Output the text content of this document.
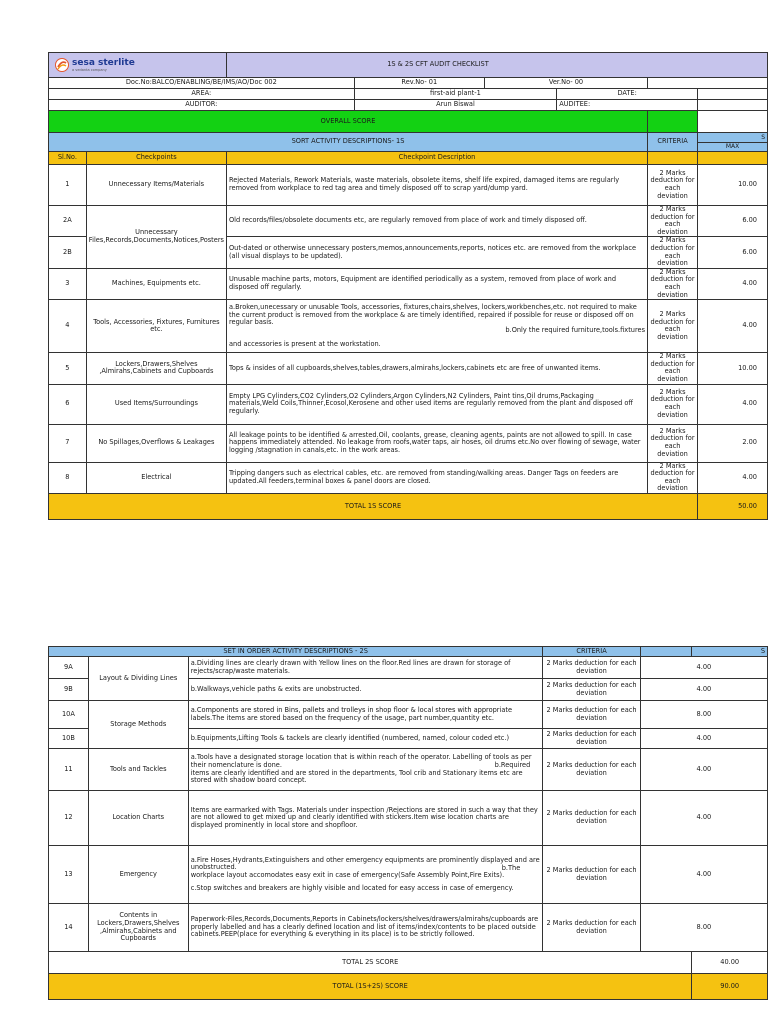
sesa sterlite
a vedanta company		1S & 2S CFT AUDIT CHECKLIST					
Doc.No:BALCO/ENABLING/BE/IMS/AO/Doc 002			Rev.No- 01	Ver.No- 00			
AREA:			first-aid plant-1		DATE:		
AUDITOR:			Arun Biswal		AUDITEE:		
OVERALL SCORE							
SORT ACTIVITY DESCRIPTIONS- 1S						CRITERIA	S
MAX

Sl.No.	Checkpoints	Checkpoint Description					
1	Unnecessary Items/Materials	Rejected Materials, Rework Materials, waste materials, obsolete items, shelf life expired, damaged items are regularly removed from workplace to red tag area and timely disposed off to scrap yard/dump yard.				2 Marks deduction for each deviation	10.00
2A	Unnecessary Files,Records,Documents,Notices,Posters	Old records/files/obsolete documents etc, are regularly removed from place of work and timely disposed off.				2 Marks deduction for each deviation	6.00
2B		Out-dated or otherwise unnecessary posters,memos,announcements,reports, notices etc. are removed from the workplace (all visual displays to be updated).				2 Marks deduction for each deviation	6.00
3	Machines, Equipments etc.	Unusable machine parts, motors, Equipment are identified periodically as a system, removed from place of work and disposed off regularly.				2 Marks deduction for each deviation	4.00
4	Tools, Accessories, Fixtures, Furnitures etc.	a.Broken,unecessary or unusable Tools, accessories, fixtures,chairs,shelves, lockers,workbenches,etc. not required to make the current product is removed from the workplace & are timely identified, repaired if possible for reuse or disposed off on regular basis.
b.Only the required furniture,tools.fixtures
and accessories is present at the workstation.				2 Marks deduction for each deviation	4.00
5	Lockers,Drawers,Shelves ,Almirahs,Cabinets and Cupboards	Tops & insides of all cupboards,shelves,tables,drawers,almirahs,lockers,cabinets etc are free of unwanted items.				2 Marks deduction for each deviation	10.00
6	Used Items/Surroundings	Empty LPG Cylinders,CO2 Cylinders,O2 Cylinders,Argon Cylinders,N2 Cylinders, Paint tins,Oil drums,Packaging materials,Weld Coils,Thinner,Ecosol,Kerosene and other used items are regularly removed from the plant and disposed off regularly.				2 Marks deduction for each deviation	4.00
7	No Spillages,Overflows & Leakages	All leakage points to be identified & arrested.Oil, coolants, grease, cleaning agents, paints are not allowed to spill. In case happens immediately attended. No leakage from roofs,water taps, air hoses, oil drums etc.No over flowing of sewage, water logging /stagnation in canals,etc. in the work areas.				2 Marks deduction for each deviation	2.00
8	Electrical	Tripping dangers such as electrical cables, etc. are removed from standing/walking areas. Danger Tags on feeders are updated.All feeders,terminal boxes & panel doors are closed.				2 Marks deduction for each deviation	4.00
TOTAL 1S SCORE							50.00
SET IN ORDER ACTIVITY DESCRIPTIONS - 2S			CRITERIA		S
9A	Layout & Dividing Lines	a.Dividing lines are clearly drawn with Yellow lines on the floor.Red lines are drawn for storage of rejects/scrap/waste materials.	2 Marks deduction for each deviation	4.00	
9B		b.Walkways,vehicle paths & exits are unobstructed.	2 Marks deduction for each deviation	4.00	
10A	Storage Methods	a.Components are stored in Bins, pallets and trolleys in shop floor & local stores with appropriate labels.The items are stored based on the frequency of the usage, part number,quantity etc.	2 Marks deduction for each deviation	8.00	
10B		b.Equipments,Lifting Tools & tackels are clearly identified (numbered, named, colour coded etc.)	2 Marks deduction for each deviation	4.00	
11	Tools and Tackles	a.Tools have a designated storage location that is within reach of the operator. Labelling of tools as per their nomenclature is done. b.Required
items are clearly identified and are stored in the departments, Tool crib and Stationary items etc are stored with shadow board concept.	2 Marks deduction for each deviation	4.00	
12	Location Charts	Items are earmarked with Tags. Materials under inspection /Rejections are stored in such a way that they are not allowed to get mixed up and clearly identified with stickers.Item wise location charts are displayed prominently in local store and shopfloor.	2 Marks deduction for each deviation	4.00	
13	Emergency	a.Fire Hoses,Hydrants,Extinguishers and other emergency equipments are prominently displayed and are unobstructed. b.The
workplace layout accomodates easy exit in case of emergency(Safe Assembly Point,Fire Exits).
c.Stop switches and breakers are highly visible and located for easy access in case of emergency.	2 Marks deduction for each deviation	4.00	
14	Contents in Lockers,Drawers,Shelves ,Almirahs,Cabinets and Cupboards	Paperwork-Files,Records,Documents,Reports in Cabinets/lockers/shelves/drawers/almirahs/cupboards are properly labelled and has a clearly defined location and list of items/index/contents to be placed outside cabinets.PEEP(place for everything & everything in its place) is to be strictly followed.	2 Marks deduction for each deviation	8.00	
TOTAL 2S SCORE					40.00
TOTAL (1S+2S) SCORE					90.00
